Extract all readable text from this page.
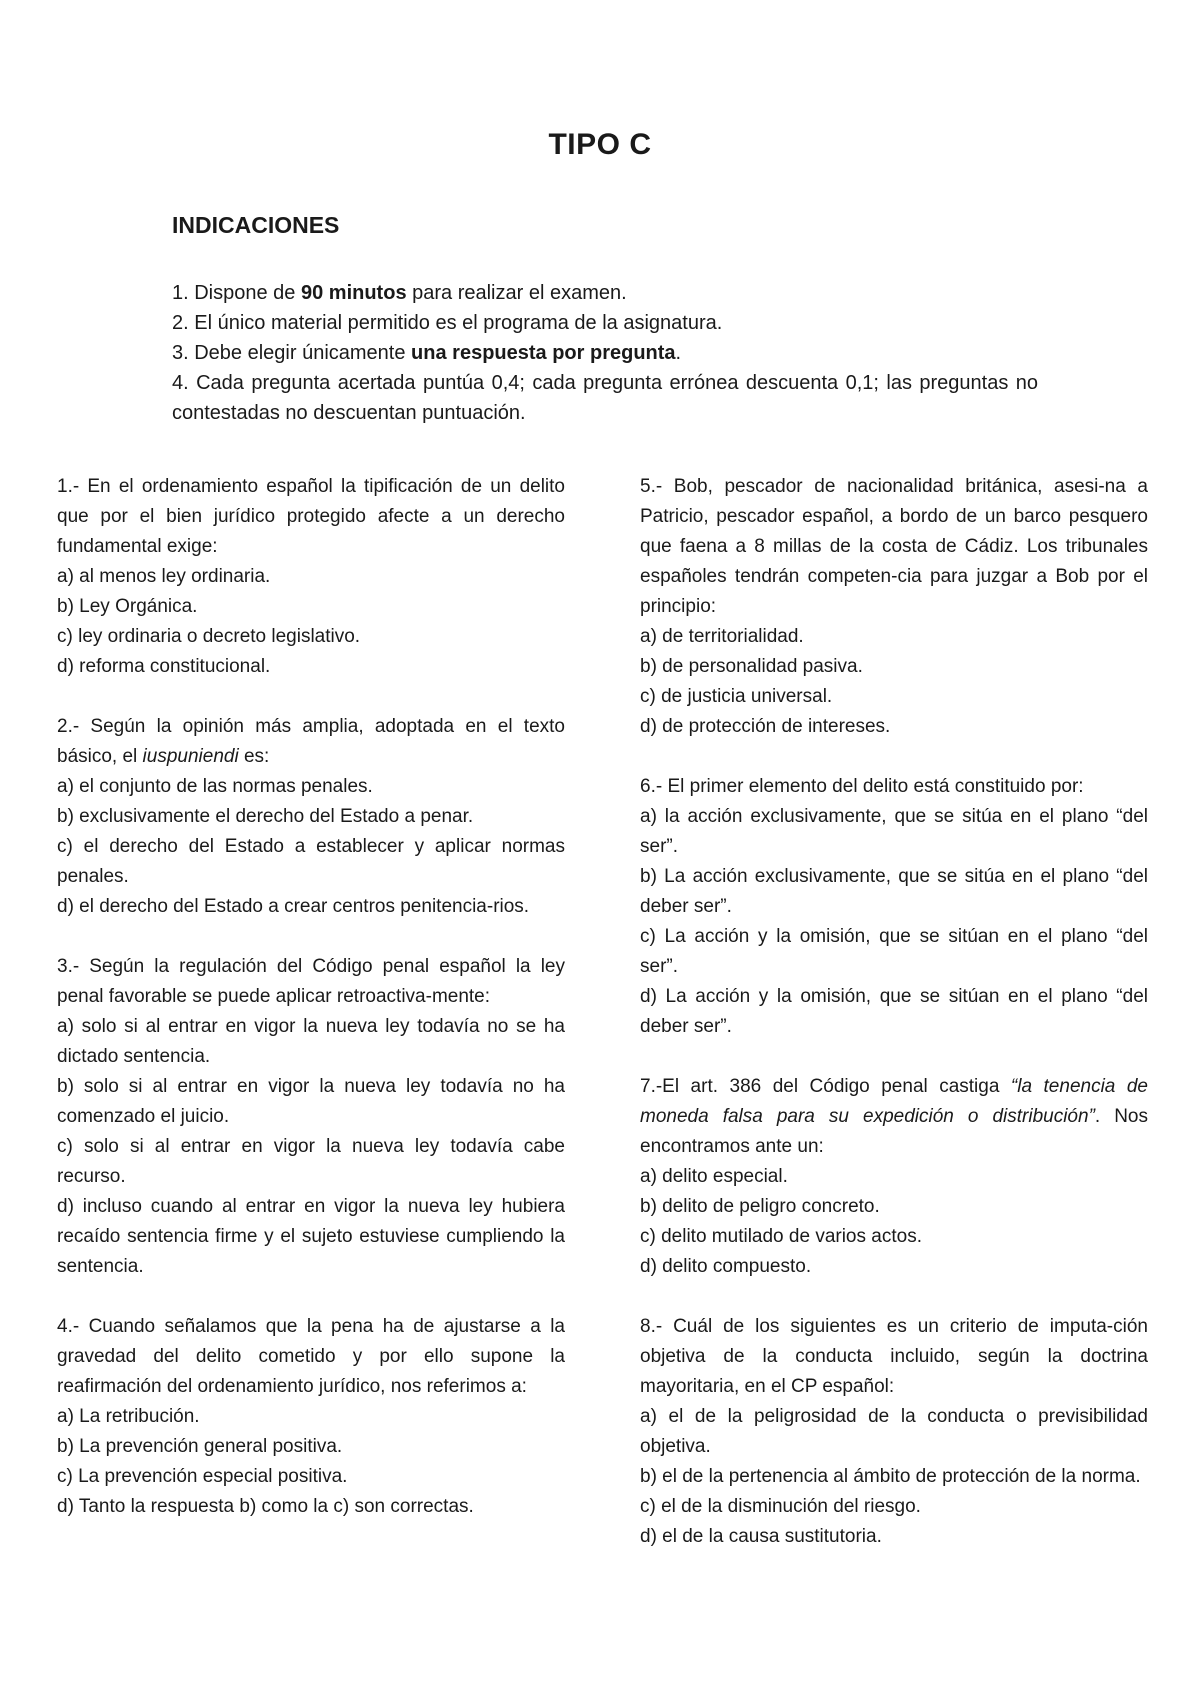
TIPO C
INDICACIONES

1. Dispone de 90 minutos para realizar el examen.

2. El único material permitido es el programa de la asignatura.

3. Debe elegir únicamente una respuesta por pregunta.

4. Cada pregunta acertada puntúa 0,4; cada pregunta errónea descuenta 0,1; las preguntas no contestadas no descuentan puntuación.

1.- En el ordenamiento español la tipificación de un delito que por el bien jurídico protegido afecte a un derecho fundamental exige:

a) al menos ley ordinaria.

b) Ley Orgánica.

c) ley ordinaria o decreto legislativo.

d) reforma constitucional.

2.- Según la opinión más amplia, adoptada en el texto básico, el iuspuniendi es:

a) el conjunto de las normas penales.

b) exclusivamente el derecho del Estado a penar.

c) el derecho del Estado a establecer y aplicar normas penales.

d) el derecho del Estado a crear centros penitencia-rios.

3.- Según la regulación del Código penal español la ley penal favorable se puede aplicar retroactiva-mente:

a) solo si al entrar en vigor la nueva ley todavía no se ha dictado sentencia.

b) solo si al entrar en vigor la nueva ley todavía no ha comenzado el juicio.

c) solo si al entrar en vigor la nueva ley todavía cabe recurso.

d) incluso cuando al entrar en vigor la nueva ley hubiera recaído sentencia firme y el sujeto estuviese cumpliendo la sentencia.

4.- Cuando señalamos que la pena ha de ajustarse a la gravedad del delito cometido y por ello supone la reafirmación del ordenamiento jurídico, nos referimos a:

a) La retribución.

b) La prevención general positiva.

c) La prevención especial positiva.

d) Tanto la respuesta b) como la c) son correctas.

5.- Bob, pescador de nacionalidad británica, asesi-na a Patricio, pescador español, a bordo de un barco pesquero que faena a 8 millas de la costa de Cádiz. Los tribunales españoles tendrán competen-cia para juzgar a Bob por el principio:

a) de territorialidad.

b) de personalidad pasiva.

c) de justicia universal.

d) de protección de intereses.

6.- El primer elemento del delito está constituido por:

a) la acción exclusivamente, que se sitúa en el plano “del ser”.

b) La acción exclusivamente, que se sitúa en el plano “del deber ser”.

c) La acción y la omisión, que se sitúan en el plano “del ser”.

d) La acción y la omisión, que se sitúan en el plano “del deber ser”.

7.-El art. 386 del Código penal castiga “la tenencia de moneda falsa para su expedición o distribución”. Nos encontramos ante un:

a) delito especial.

b) delito de peligro concreto.

c) delito mutilado de varios actos.

d) delito compuesto.

8.- Cuál de los siguientes es un criterio de imputa-ción objetiva de la conducta incluido, según la doctrina mayoritaria, en el CP español:

a) el de la peligrosidad de la conducta o previsibilidad objetiva.

b) el de la pertenencia al ámbito de protección de la norma.

c) el de la disminución del riesgo.

d) el de la causa sustitutoria.
